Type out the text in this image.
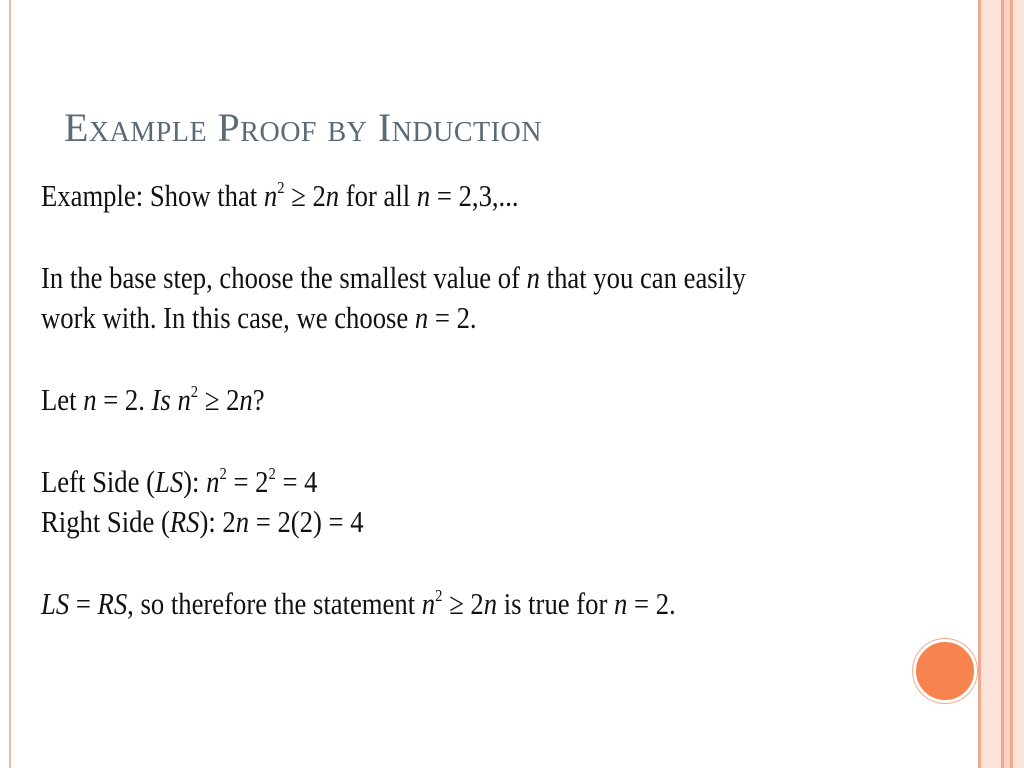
Example Proof by Induction
Example: Show that $n^2 \ge 2n$ for all n = 2,3,...
In the base step, choose the smallest value of n that you can easily
work with. In this case, we choose n = 2.
Let n = 2. Is $n^2 \ge 2n$?
Left Side (LS): $n^2 = 2^2 = 4$
Right Side (RS): 2n = 2(2) = 4
LS = RS, so therefore the statement $n^2 \ge 2n$ is true for n = 2.
